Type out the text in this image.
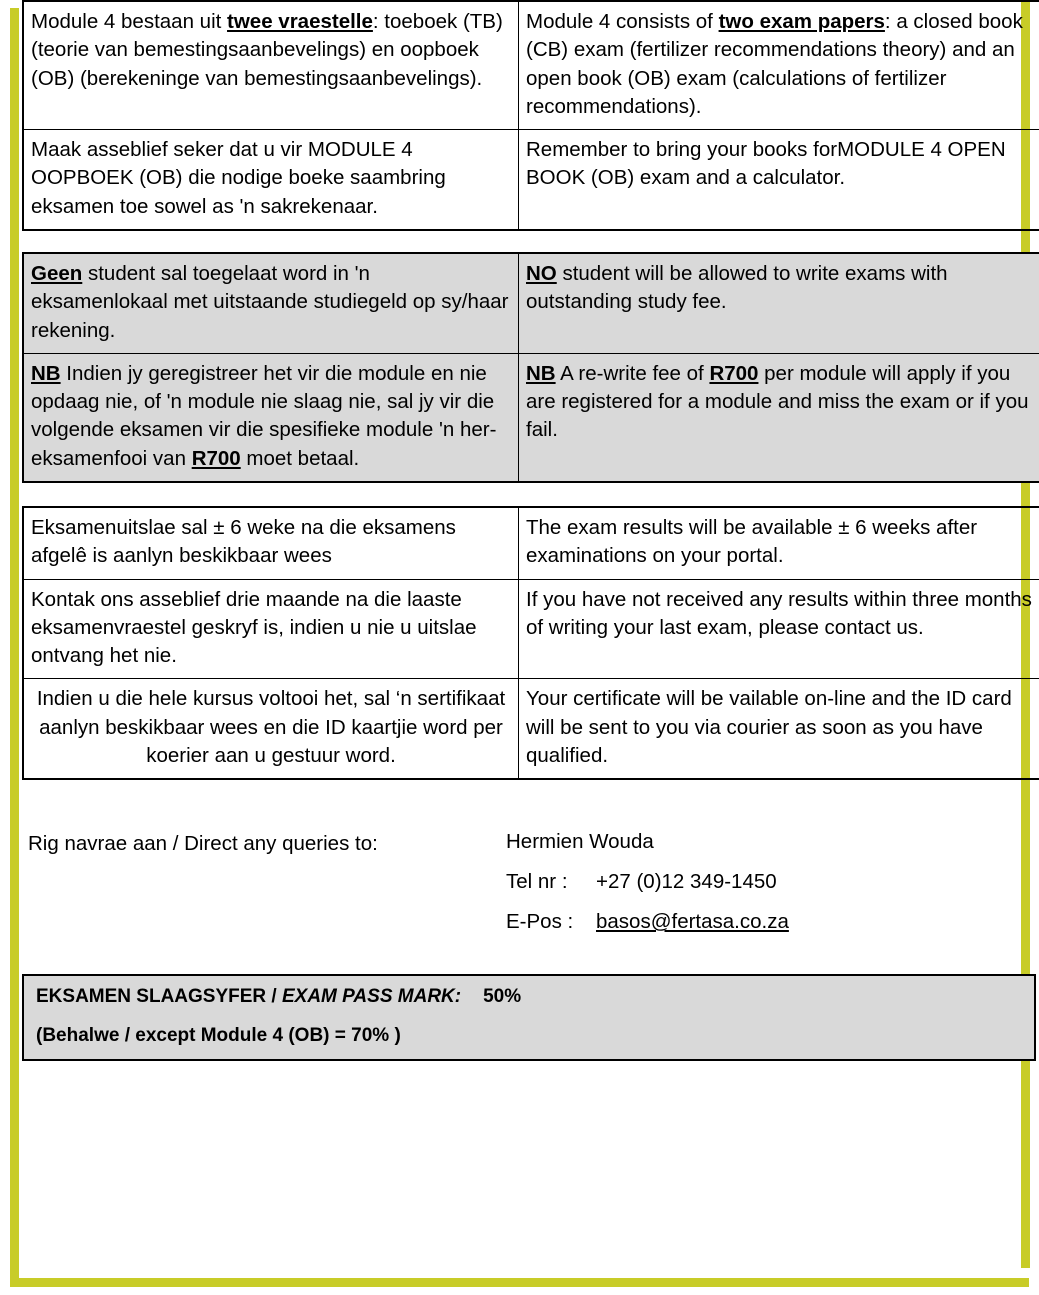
Module 4 bestaan uit twee vraestelle: toeboek (TB) (teorie van bemestingsaanbevelings) en oopboek (OB) (berekeninge van bemestingsaanbevelings).	Module 4 consists of two exam papers: a closed book (CB) exam (fertilizer recommendations theory) and an open book (OB) exam (calculations of fertilizer recommendations).
Maak asseblief seker dat u vir MODULE 4 OOPBOEK (OB) die nodige boeke saambring eksamen toe sowel as 'n sakrekenaar.	Remember to bring your books forMODULE 4 OPEN BOOK (OB) exam and a calculator.
Geen student sal toegelaat word in 'n eksamenlokaal met uitstaande studiegeld op sy/haar rekening.	NO student will be allowed to write exams with outstanding study fee.
NB Indien jy geregistreer het vir die module en nie opdaag nie, of 'n module nie slaag nie, sal jy vir die volgende eksamen vir die spesifieke module 'n her-eksamenfooi van R700 moet betaal.	NB A re-write fee of R700 per module will apply if you are registered for a module and miss the exam or if you fail.
Eksamenuitslae sal ± 6 weke na die eksamens afgelê is aanlyn beskikbaar wees	The exam results will be available ± 6 weeks after examinations on your portal.
Kontak ons asseblief drie maande na die laaste eksamenvraestel geskryf is, indien u nie u uitslae ontvang het nie.	If you have not received any results within three months of writing your last exam, please contact us.
Indien u die hele kursus voltooi het, sal ‘n sertifikaat aanlyn beskikbaar wees en die ID kaartjie word per koerier aan u gestuur word.	Your certificate will be vailable on-line and the ID card will be sent to you via courier as soon as you have qualified.
Rig navrae aan / Direct any queries to:	Hermien Wouda
Tel nr : +27 (0)12 349-1450
E-Pos : basos@fertasa.co.za
EKSAMEN SLAAGSYFER / EXAM PASS MARK: 50%
(Behalwe / except Module 4 (OB) = 70% )
